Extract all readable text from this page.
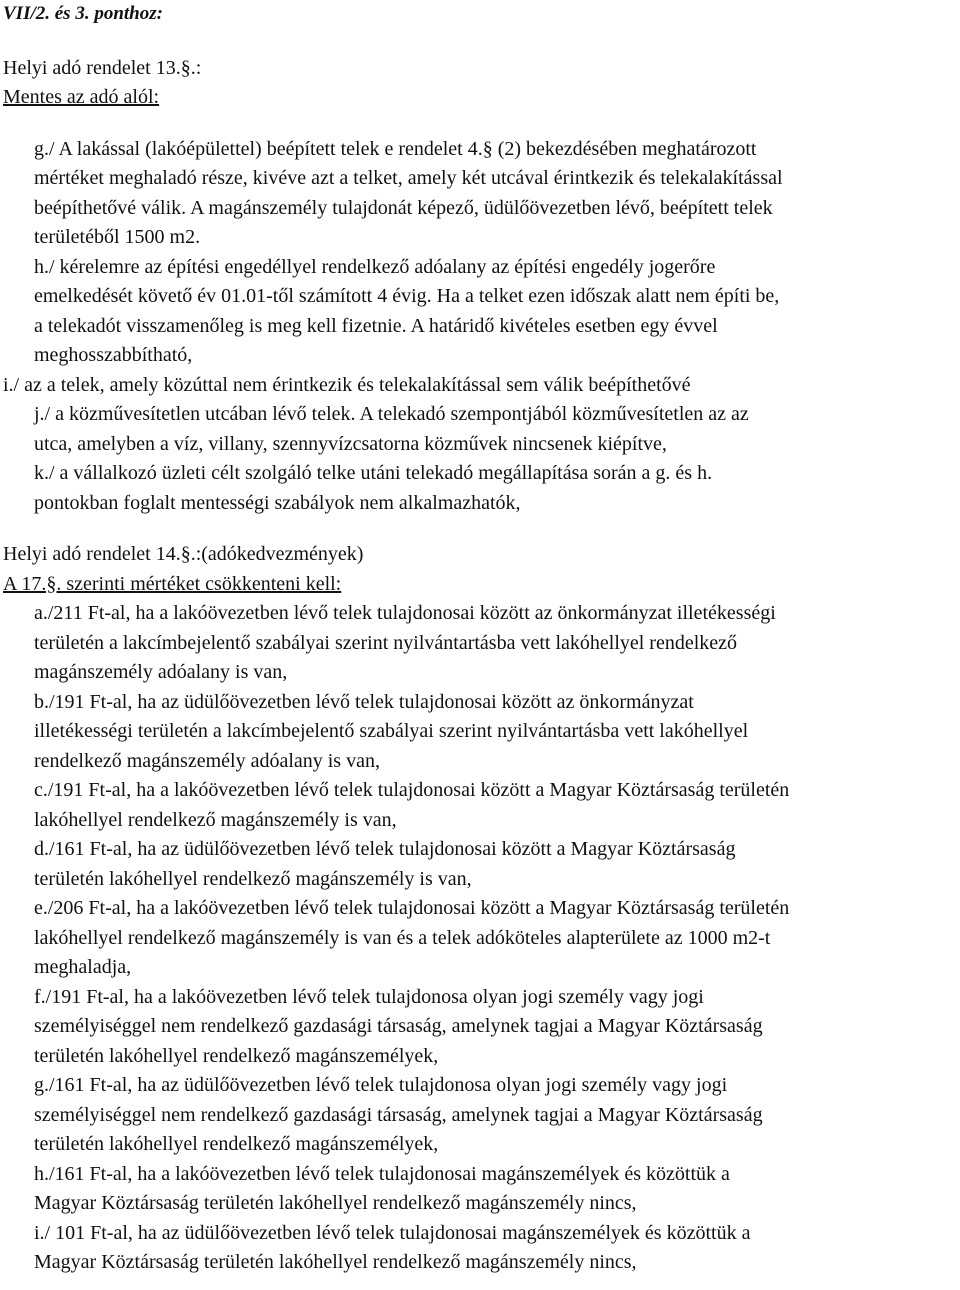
VII/2. és 3. ponthoz:
Helyi adó rendelet 13.§.:
Mentes az adó alól:
g./ A lakással (lakóépülettel) beépített telek e rendelet 4.§ (2) bekezdésében meghatározott
mértéket meghaladó része, kivéve azt a telket, amely két utcával érintkezik és telekalakítással
beépíthetővé válik. A magánszemély tulajdonát képező, üdülőövezetben lévő, beépített telek
területéből 1500 m2.
h./ kérelemre az építési engedéllyel rendelkező adóalany az építési engedély jogerőre
emelkedését követő év 01.01-től számított 4 évig. Ha a telket ezen időszak alatt nem építi be,
a telekadót visszamenőleg is meg kell fizetnie. A határidő kivételes esetben egy évvel
meghosszabbítható,
i./ az a telek, amely közúttal nem érintkezik és telekalakítással sem válik beépíthetővé
j./ a közművesítetlen utcában lévő telek. A telekadó szempontjából közművesítetlen az az
utca, amelyben a víz, villany, szennyvízcsatorna közművek nincsenek kiépítve,
k./ a vállalkozó üzleti célt szolgáló telke utáni telekadó megállapítása során a g. és h.
pontokban foglalt mentességi szabályok nem alkalmazhatók,
Helyi adó rendelet 14.§.:(adókedvezmények)
A 17.§. szerinti mértéket csökkenteni kell:
a./211 Ft-al, ha a lakóövezetben lévő telek tulajdonosai között az önkormányzat illetékességi
területén a lakcímbejelentő szabályai szerint nyilvántartásba vett lakóhellyel rendelkező
magánszemély adóalany is van,
b./191 Ft-al, ha az üdülőövezetben lévő telek tulajdonosai között az önkormányzat
illetékességi területén a lakcímbejelentő szabályai szerint nyilvántartásba vett lakóhellyel
rendelkező magánszemély adóalany is van,
c./191 Ft-al, ha a lakóövezetben lévő telek tulajdonosai között a Magyar Köztársaság területén
lakóhellyel rendelkező magánszemély is van,
d./161 Ft-al, ha az üdülőövezetben lévő telek tulajdonosai között a Magyar Köztársaság
területén lakóhellyel rendelkező magánszemély is van,
e./206 Ft-al, ha a lakóövezetben lévő telek tulajdonosai között a Magyar Köztársaság területén
lakóhellyel rendelkező magánszemély is van és a telek adóköteles alapterülete az 1000 m2-t
meghaladja,
f./191 Ft-al, ha a lakóövezetben lévő telek tulajdonosa olyan jogi személy vagy jogi
személyiséggel nem rendelkező gazdasági társaság, amelynek tagjai a Magyar Köztársaság
területén lakóhellyel rendelkező magánszemélyek,
g./161 Ft-al, ha az üdülőövezetben lévő telek tulajdonosa olyan jogi személy vagy jogi
személyiséggel nem rendelkező gazdasági társaság, amelynek tagjai a Magyar Köztársaság
területén lakóhellyel rendelkező magánszemélyek,
h./161 Ft-al, ha a lakóövezetben lévő telek tulajdonosai magánszemélyek és közöttük a
Magyar Köztársaság területén lakóhellyel rendelkező magánszemély nincs,
i./ 101 Ft-al, ha az üdülőövezetben lévő telek tulajdonosai magánszemélyek és közöttük a
Magyar Köztársaság területén lakóhellyel rendelkező magánszemély nincs,
